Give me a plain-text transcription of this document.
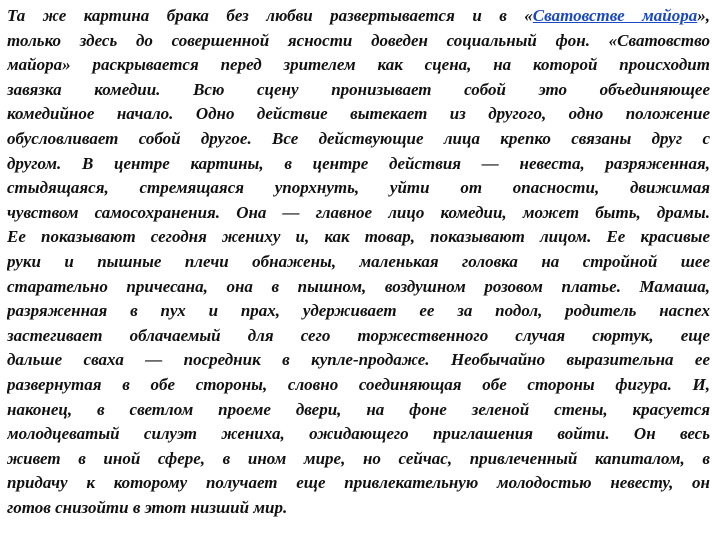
Та же картина брака без любви развертывается и в «Сватовстве майора»,
только здесь до совершенной ясности доведен социальный фон. «Сватовство
майора» раскрывается перед зрителем как сцена, на которой происходит
завязка комедии. Всю сцену пронизывает собой это объединяющее
комедийное начало. Одно действие вытекает из другого, одно положение
обусловливает собой другое. Все действующие лица крепко связаны друг с
другом. В центре картины, в центре действия — невеста, разряженная,
стыдящаяся, стремящаяся упорхнуть, уйти от опасности, движимая
чувством самосохранения. Она — главное лицо комедии, может быть, драмы.
Ее показывают сегодня жениху и, как товар, показывают лицом. Ее красивые
руки и пышные плечи обнажены, маленькая головка на стройной шее
старательно причесана, она в пышном, воздушном розовом платье. Мамаша,
разряженная в пух и прах, удерживает ее за подол, родитель наспех
застегивает облачаемый для сего торжественного случая сюртук, еще
дальше сваха — посредник в купле-продаже. Необычайно выразительна ее
развернутая в обе стороны, словно соединяющая обе стороны фигура. И,
наконец, в светлом проеме двери, на фоне зеленой стены, красуется
молодцеватый силуэт жениха, ожидающего приглашения войти. Он весь
живет в иной сфере, в ином мире, но сейчас, привлеченный капиталом, в
придачу к которому получает еще привлекательную молодостью невесту, он
готов снизойти в этот низший мир.
